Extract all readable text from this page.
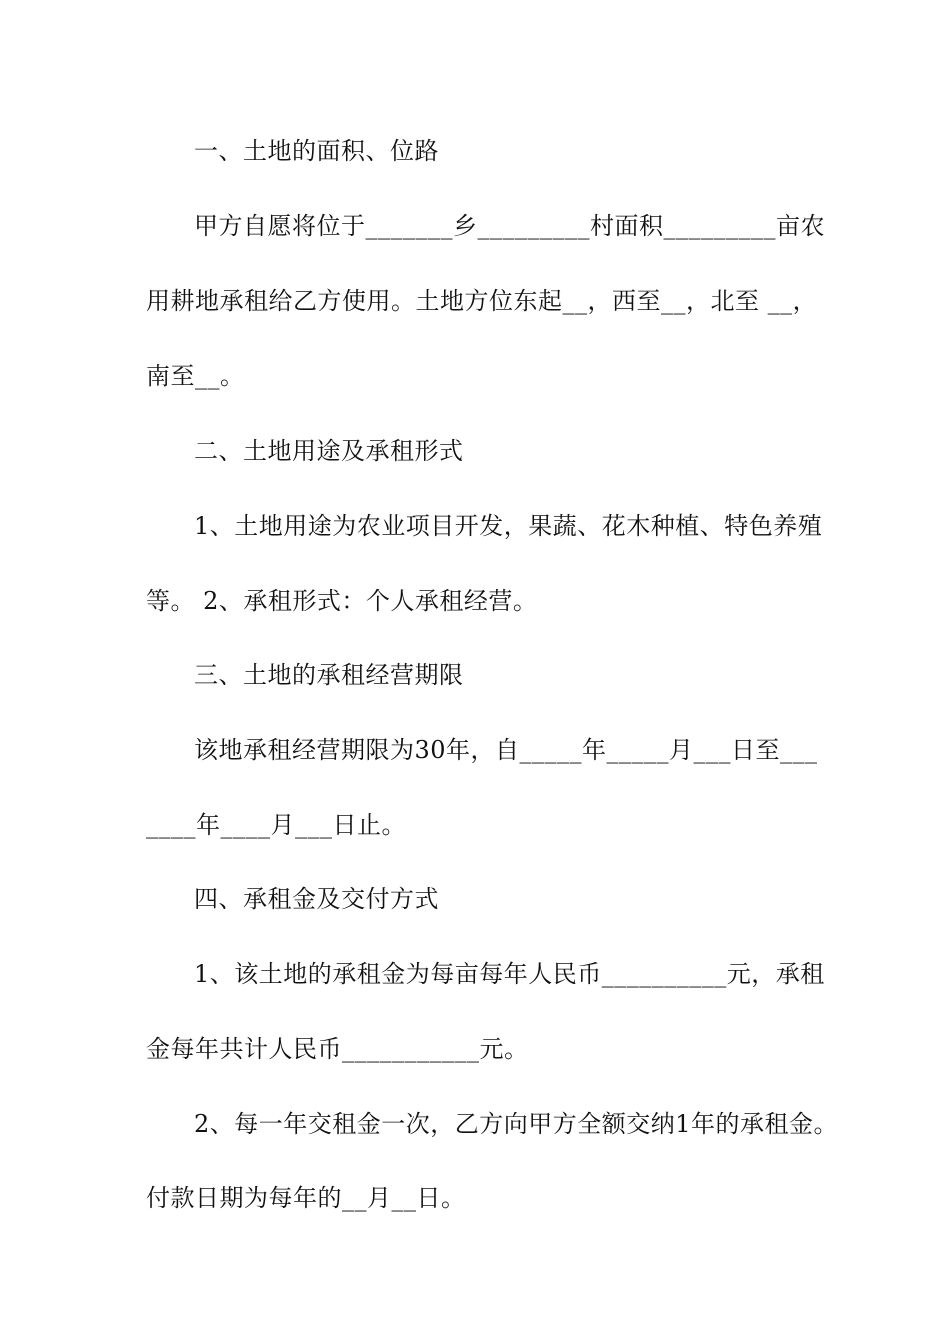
一、土地的面积、位路
甲方自愿将位于_______乡_________村面积_________亩农
用耕地承租给乙方使用。土地方位东起__，西至__，北至 __，
南至__。
二、土地用途及承租形式
1、土地用途为农业项目开发，果蔬、花木种植、特色养殖
等。 2、承租形式：个人承租经营。
三、土地的承租经营期限
该地承租经营期限为30年，自_____年_____月___日至___
____年____月___日止。
四、承租金及交付方式
1、该土地的承租金为每亩每年人民币__________元，承租
金每年共计人民币___________元。
2、每一年交租金一次，乙方向甲方全额交纳1年的承租金。
付款日期为每年的__月__日。
